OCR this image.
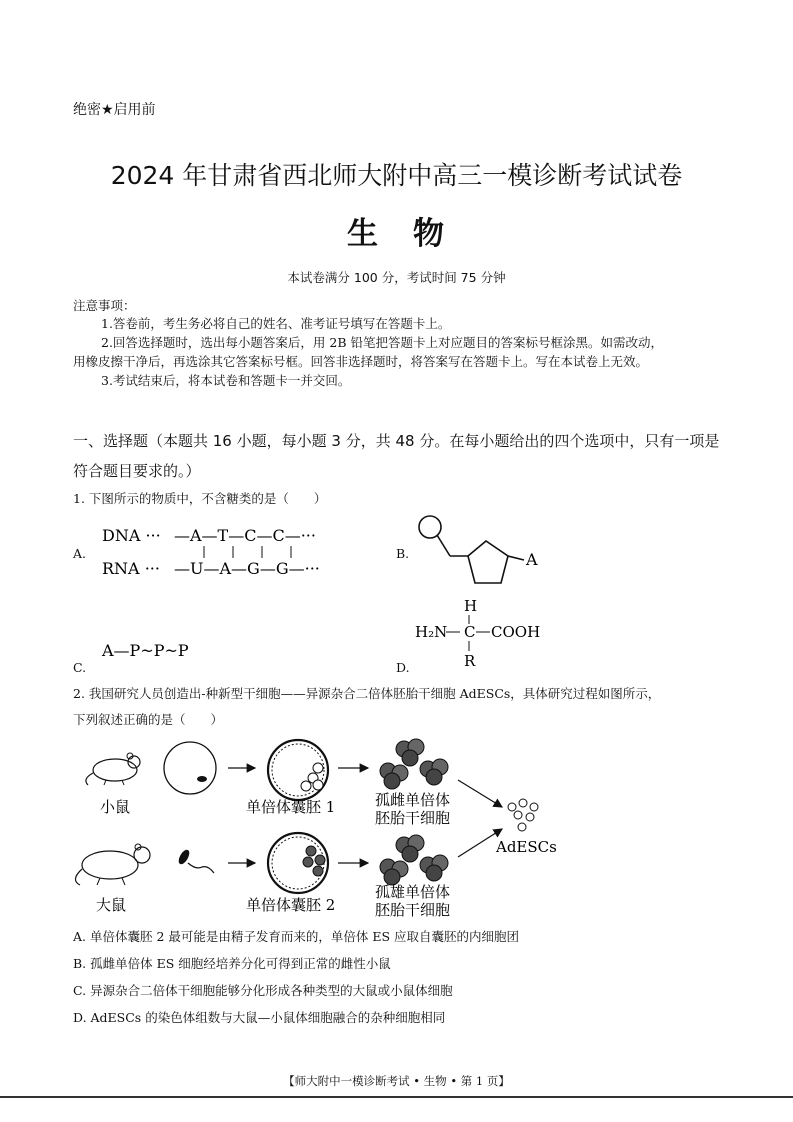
绝密★启用前
2024 年甘肃省西北师大附中高三一模诊断考试试卷
生　物
本试卷满分 100 分，考试时间 75 分钟
注意事项：
1.答卷前，考生务必将自己的姓名、准考证号填写在答题卡上。
2.回答选择题时，选出每小题答案后，用 2B 铅笔把答题卡上对应题目的答案标号框涂黑。如需改动，
用橡皮擦干净后，再选涂其它答案标号框。回答非选择题时，将答案写在答题卡上。写在本试卷上无效。
3.考试结束后，将本试卷和答题卡一并交回。
一、选择题（本题共 16 小题，每小题 3 分，共 48 分。在每小题给出的四个选项中，只有一项是符合题目要求的。）
1. 下图所示的物质中，不含糖类的是（　　）
A.
DNA ··· —A—T—C—C—···
RNA ··· —U—A—G—G—···
B.	A
C.
A—P~P~P
D.
H
H₂N C COOH
R
2. 我国研究人员创造出-种新型干细胞——异源杂合二倍体胚胎干细胞 AdESCs，具体研究过程如图所示，
下列叙述正确的是（　　）
小鼠	单倍体囊胚 1	孤雌单倍体
胚胎干细胞
AdESCs
大鼠	单倍体囊胚 2
孤雄单倍体
胚胎干细胞
A. 单倍体囊胚 2 最可能是由精子发育而来的，单倍体 ES 应取自囊胚的内细胞团
B. 孤雌单倍体 ES 细胞经培养分化可得到正常的雌性小鼠
C. 异源杂合二倍体干细胞能够分化形成各种类型的大鼠或小鼠体细胞
D. AdESCs 的染色体组数与大鼠—小鼠体细胞融合的杂种细胞相同
【师大附中一模诊断考试 • 生物 • 第 1 页】
